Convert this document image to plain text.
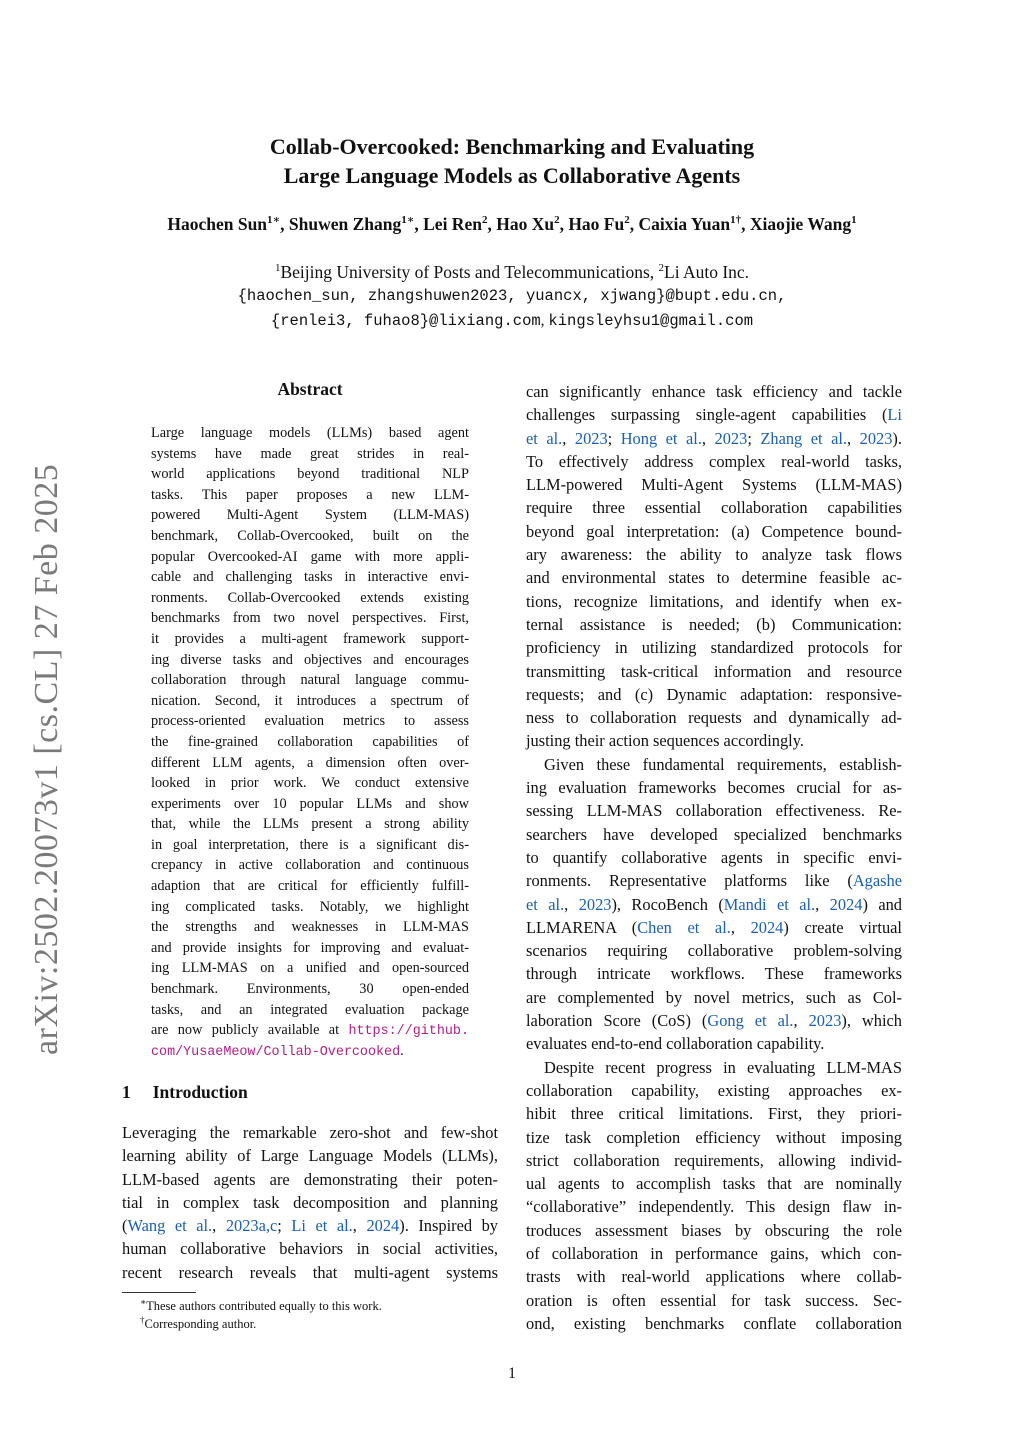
Collab-Overcooked: Benchmarking and Evaluating
Large Language Models as Collaborative Agents
Haochen Sun$^{1∗}$, Shuwen Zhang$^{1∗}$, Lei Ren$^2$, Hao Xu$^2$, Hao Fu$^2$, Caixia Yuan$^{1\dagger}$, Xiaojie Wang$^1$
$^1$Beijing University of Posts and Telecommunications, $^2$Li Auto Inc.
{haochen_sun, zhangshuwen2023, yuancx, xjwang}@bupt.edu.cn,
{renlei3, fuhao8}@lixiang.com, kingsleyhsu1@gmail.com
arXiv:2502.20073v1 [cs.CL] 27 Feb 2025
Abstract
Large language models (LLMs) based agent
systems have made great strides in real-
world applications beyond traditional NLP
tasks. This paper proposes a new LLM-
powered Multi-Agent System (LLM-MAS)
benchmark, Collab-Overcooked, built on the
popular Overcooked-AI game with more appli-
cable and challenging tasks in interactive envi-
ronments. Collab-Overcooked extends existing
benchmarks from two novel perspectives. First,
it provides a multi-agent framework support-
ing diverse tasks and objectives and encourages
collaboration through natural language commu-
nication. Second, it introduces a spectrum of
process-oriented evaluation metrics to assess
the fine-grained collaboration capabilities of
different LLM agents, a dimension often over-
looked in prior work. We conduct extensive
experiments over 10 popular LLMs and show
that, while the LLMs present a strong ability
in goal interpretation, there is a significant dis-
crepancy in active collaboration and continuous
adaption that are critical for efficiently fulfill-
ing complicated tasks. Notably, we highlight
the strengths and weaknesses in LLM-MAS
and provide insights for improving and evaluat-
ing LLM-MAS on a unified and open-sourced
benchmark. Environments, 30 open-ended
tasks, and an integrated evaluation package
are now publicly available at https://github.
com/YusaeMeow/Collab-Overcooked.
1 Introduction
Leveraging the remarkable zero-shot and few-shot
learning ability of Large Language Models (LLMs),
LLM-based agents are demonstrating their poten-
tial in complex task decomposition and planning
(Wang et al., 2023a,c; Li et al., 2024). Inspired by
human collaborative behaviors in social activities,
recent research reveals that multi-agent systems
∗These authors contributed equally to this work.
†Corresponding author.
can significantly enhance task efficiency and tackle
challenges surpassing single-agent capabilities (Li
et al., 2023; Hong et al., 2023; Zhang et al., 2023).
To effectively address complex real-world tasks,
LLM-powered Multi-Agent Systems (LLM-MAS)
require three essential collaboration capabilities
beyond goal interpretation: (a) Competence bound-
ary awareness: the ability to analyze task flows
and environmental states to determine feasible ac-
tions, recognize limitations, and identify when ex-
ternal assistance is needed; (b) Communication:
proficiency in utilizing standardized protocols for
transmitting task-critical information and resource
requests; and (c) Dynamic adaptation: responsive-
ness to collaboration requests and dynamically ad-
justing their action sequences accordingly.
Given these fundamental requirements, establish-
ing evaluation frameworks becomes crucial for as-
sessing LLM-MAS collaboration effectiveness. Re-
searchers have developed specialized benchmarks
to quantify collaborative agents in specific envi-
ronments. Representative platforms like (Agashe
et al., 2023), RocoBench (Mandi et al., 2024) and
LLMARENA (Chen et al., 2024) create virtual
scenarios requiring collaborative problem-solving
through intricate workflows. These frameworks
are complemented by novel metrics, such as Col-
laboration Score (CoS) (Gong et al., 2023), which
evaluates end-to-end collaboration capability.
Despite recent progress in evaluating LLM-MAS
collaboration capability, existing approaches ex-
hibit three critical limitations. First, they priori-
tize task completion efficiency without imposing
strict collaboration requirements, allowing individ-
ual agents to accomplish tasks that are nominally
“collaborative” independently. This design flaw in-
troduces assessment biases by obscuring the role
of collaboration in performance gains, which con-
trasts with real-world applications where collab-
oration is often essential for task success. Sec-
ond, existing benchmarks conflate collaboration
1
